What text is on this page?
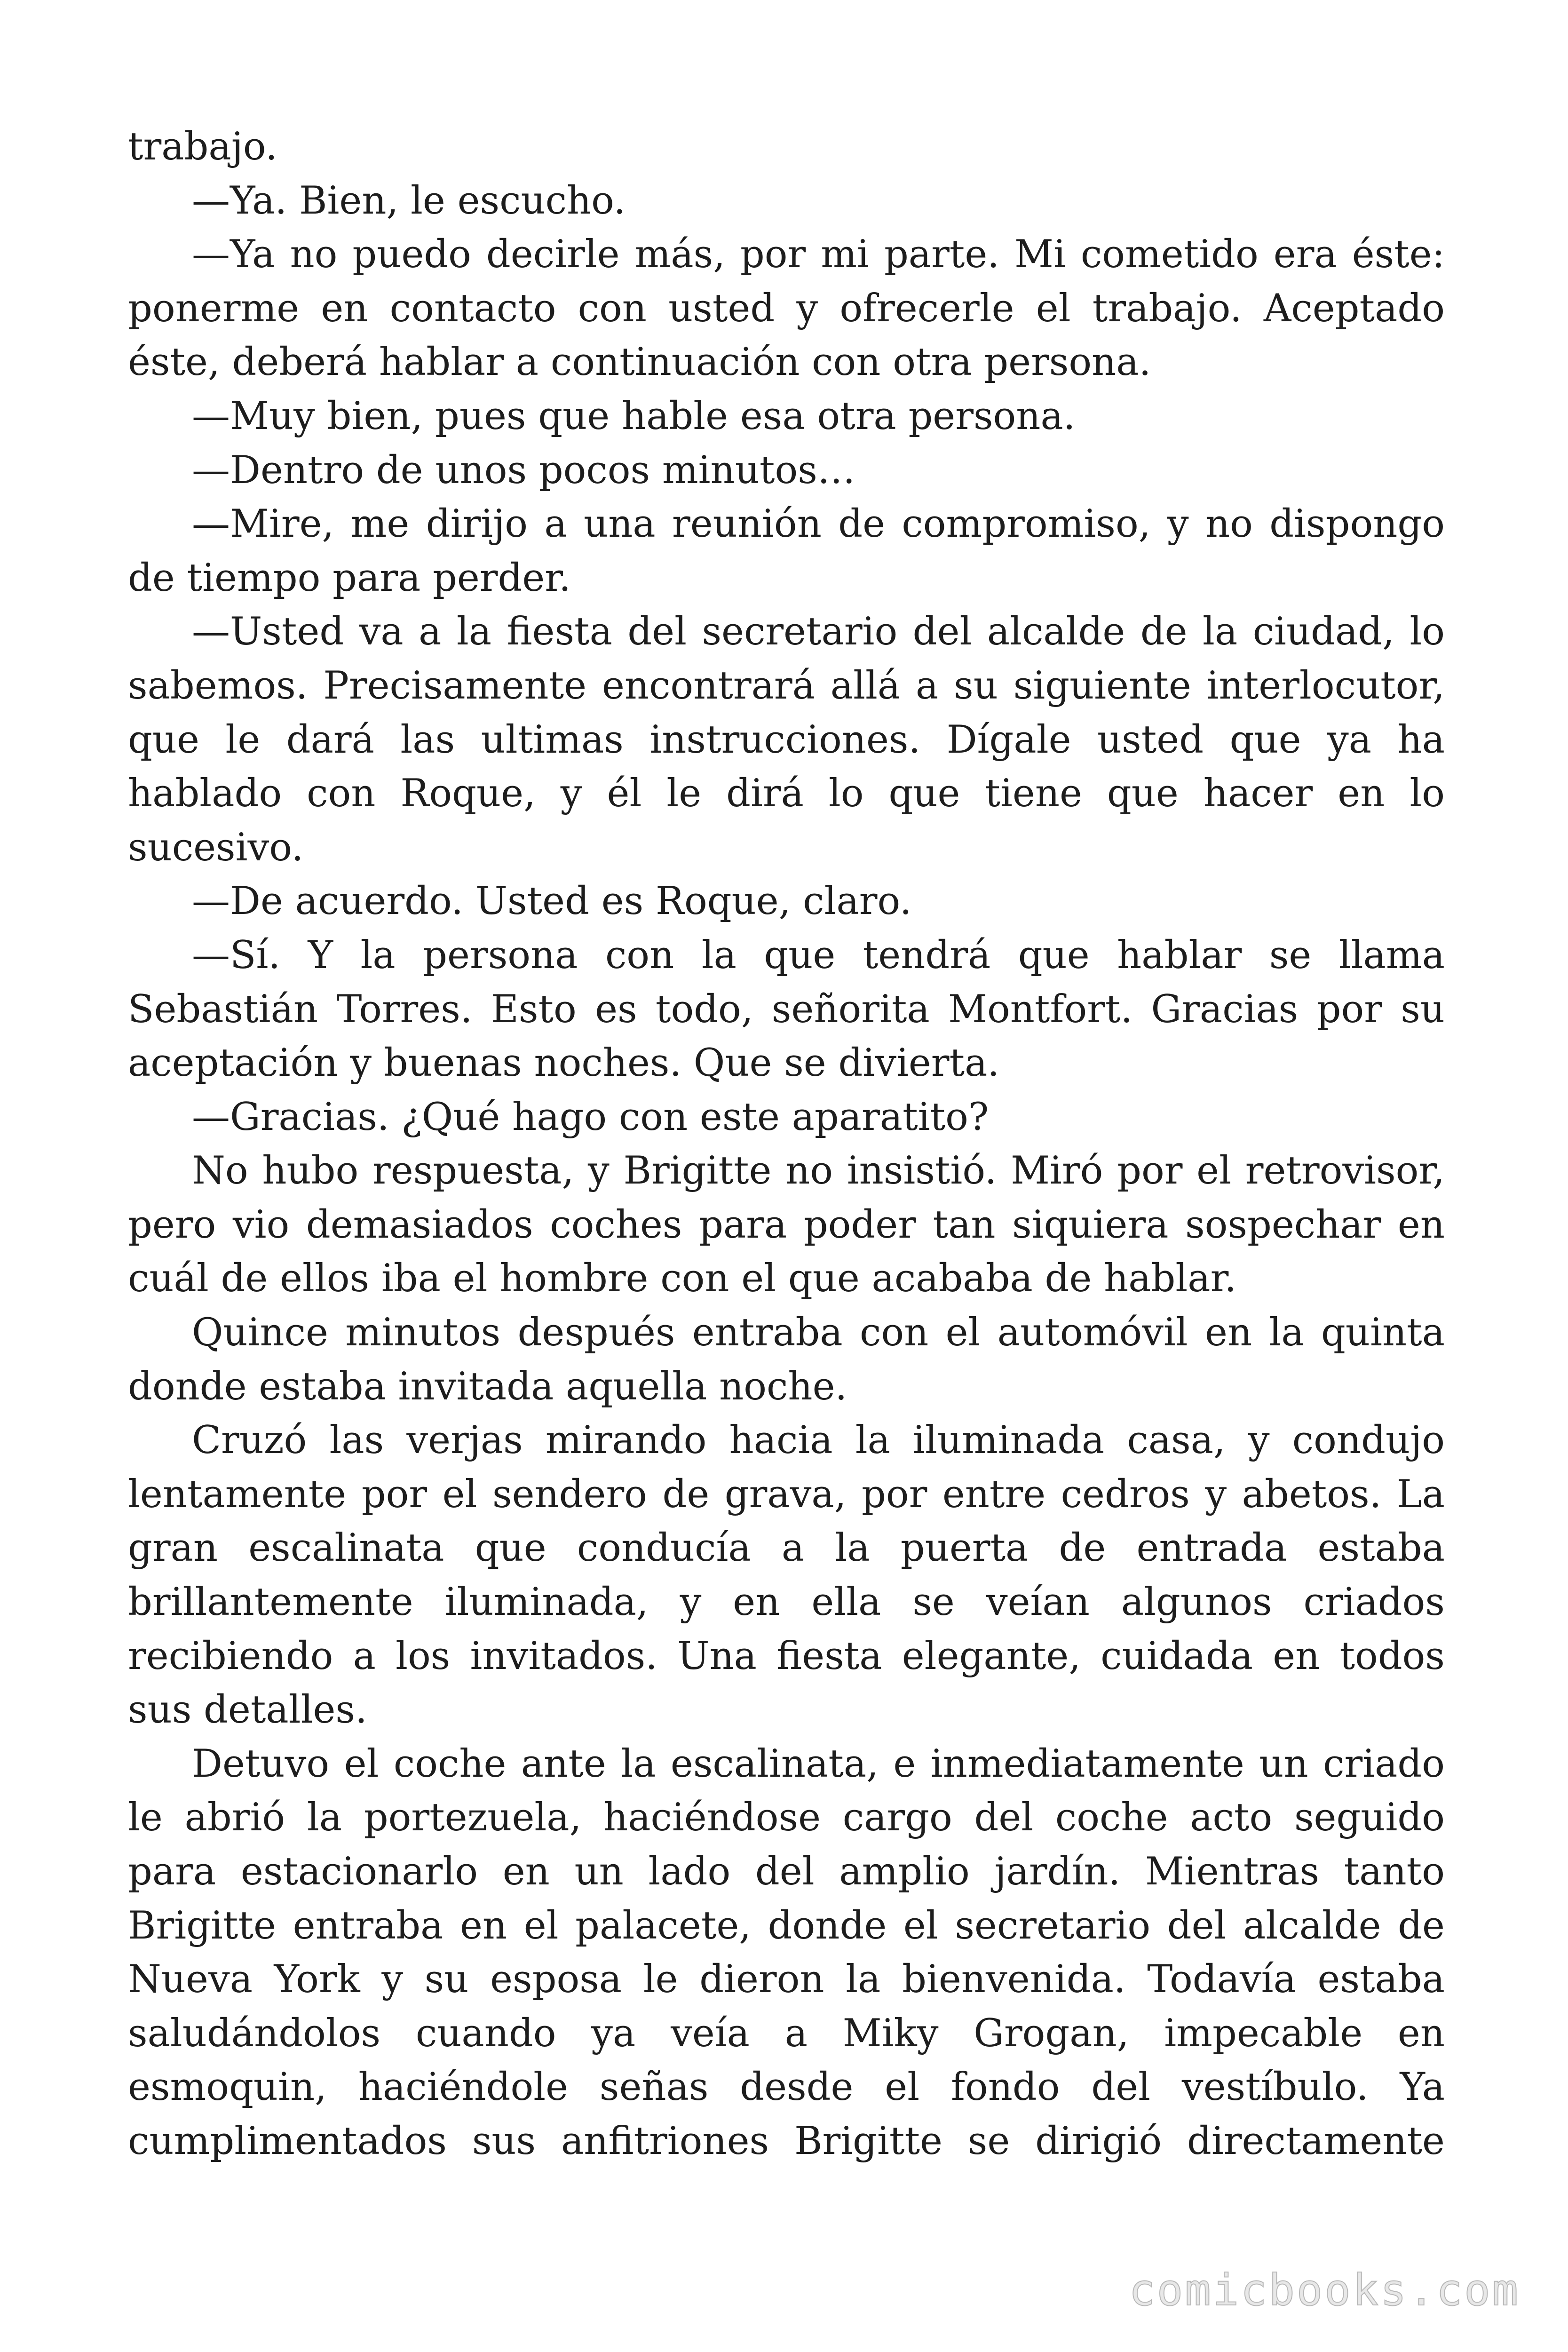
trabajo.

—Ya. Bien, le escucho.

—Ya no puedo decirle más, por mi parte. Mi cometido era éste: ponerme en contacto con usted y ofrecerle el trabajo. Aceptado éste, deberá hablar a continuación con otra persona.

—Muy bien, pues que hable esa otra persona.

—Dentro de unos pocos minutos…

—Mire, me dirijo a una reunión de compromiso, y no dispongo de tiempo para perder.

—Usted va a la fiesta del secretario del alcalde de la ciudad, lo sabemos. Precisamente encontrará allá a su siguiente interlocutor, que le dará las ultimas instrucciones. Dígale usted que ya ha hablado con Roque, y él le dirá lo que tiene que hacer en lo sucesivo.

—De acuerdo. Usted es Roque, claro.

—Sí. Y la persona con la que tendrá que hablar se llama Sebastián Torres. Esto es todo, señorita Montfort. Gracias por su aceptación y buenas noches. Que se divierta.

—Gracias. ¿Qué hago con este aparatito?

No hubo respuesta, y Brigitte no insistió. Miró por el retrovisor, pero vio demasiados coches para poder tan siquiera sospechar en cuál de ellos iba el hombre con el que acababa de hablar.

Quince minutos después entraba con el automóvil en la quinta donde estaba invitada aquella noche.

Cruzó las verjas mirando hacia la iluminada casa, y condujo lentamente por el sendero de grava, por entre cedros y abetos. La gran escalinata que conducía a la puerta de entrada estaba brillantemente iluminada, y en ella se veían algunos criados recibiendo a los invitados. Una fiesta elegante, cuidada en todos sus detalles.

Detuvo el coche ante la escalinata, e inmediatamente un criado le abrió la portezuela, haciéndose cargo del coche acto seguido para estacionarlo en un lado del amplio jardín. Mientras tanto Brigitte entraba en el palacete, donde el secretario del alcalde de Nueva York y su esposa le dieron la bienvenida. Todavía estaba saludándolos cuando ya veía a Miky Grogan, impecable en esmoquin, haciéndole señas desde el fondo del vestíbulo. Ya cumplimentados sus anfitriones Brigitte se dirigió directamente

comicbooks.com
